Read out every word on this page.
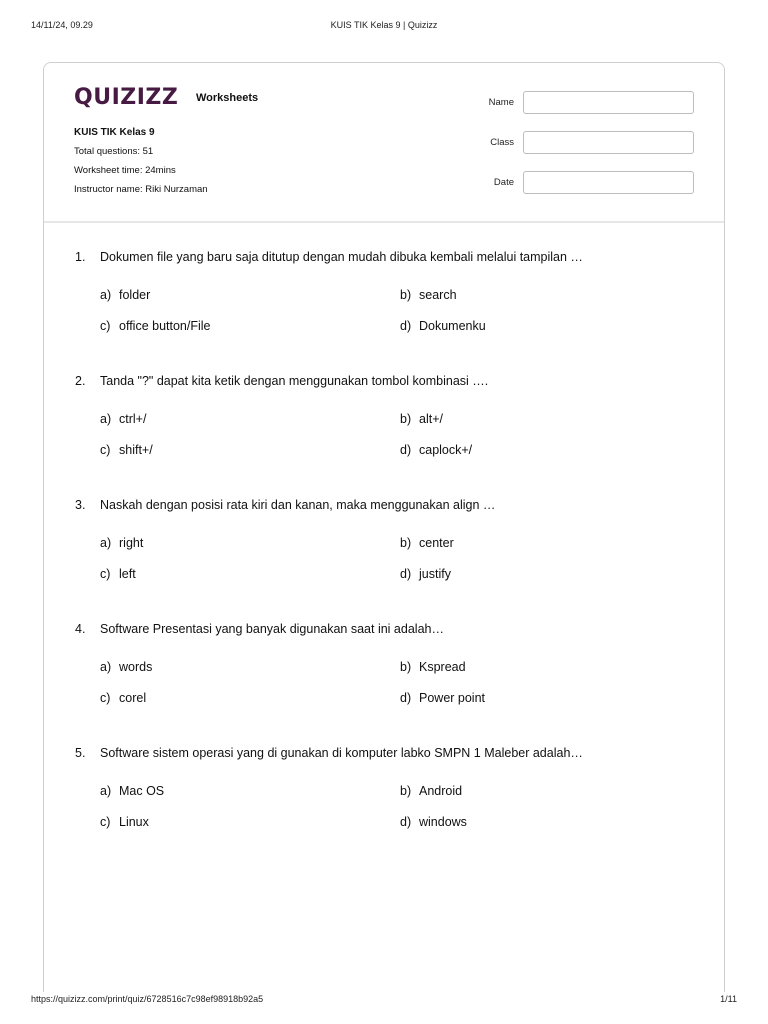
14/11/24, 09.29	KUIS TIK Kelas 9 | Quizizz
QUIZIZZ Worksheets
KUIS TIK Kelas 9
Total questions: 51
Worksheet time: 24mins
Instructor name: Riki Nurzaman
Name
Class
Date
1. Dokumen file yang baru saja ditutup dengan mudah dibuka kembali melalui tampilan …
a) folder	b) search
c) office button/File	d) Dokumenku
2. Tanda "?" dapat kita ketik dengan menggunakan tombol kombinasi ….
a) ctrl+/	b) alt+/
c) shift+/	d) caplock+/
3. Naskah dengan posisi rata kiri dan kanan, maka menggunakan align …
a) right	b) center
c) left	d) justify
4. Software Presentasi yang banyak digunakan saat ini adalah…
a) words	b) Kspread
c) corel	d) Power point
5. Software sistem operasi yang di gunakan di komputer labko SMPN 1 Maleber adalah…
a) Mac OS	b) Android
c) Linux	d) windows
https://quizizz.com/print/quiz/6728516c7c98ef98918b92a5	1/11
